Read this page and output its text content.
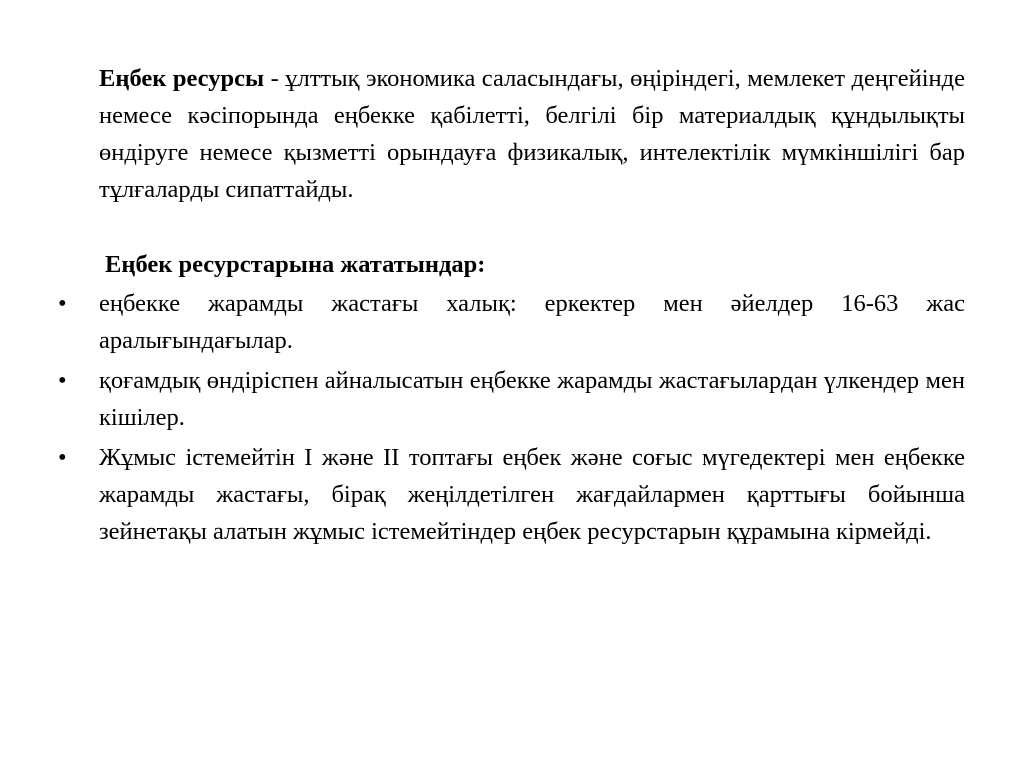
Еңбек ресурсы - ұлттық экономика саласындағы, өңіріндегі, мемлекет деңгейінде немесе кәсіпорында еңбекке қабілетті, белгілі бір материалдық құндылықты өндіруге немесе қызметті орындауға физикалық, интелектілік мүмкіншілігі бар тұлғаларды сипаттайды.

Еңбек ресурстарына жататындар:
• еңбекке жарамды жастағы халық: еркектер мен әйелдер 16-63 жас аралығындағылар.
• қоғамдық өндіріспен айналысатын еңбекке жарамды жастағылардан үлкендер мен кішілер.
• Жұмыс істемейтін І және ІІ топтағы еңбек және соғыс мүгедектері мен еңбекке жарамды жастағы, бірақ жеңілдетілген жағдайлармен қарттығы бойынша зейнетақы алатын жұмыс істемейтіндер еңбек ресурстарын құрамына кірмейді.
